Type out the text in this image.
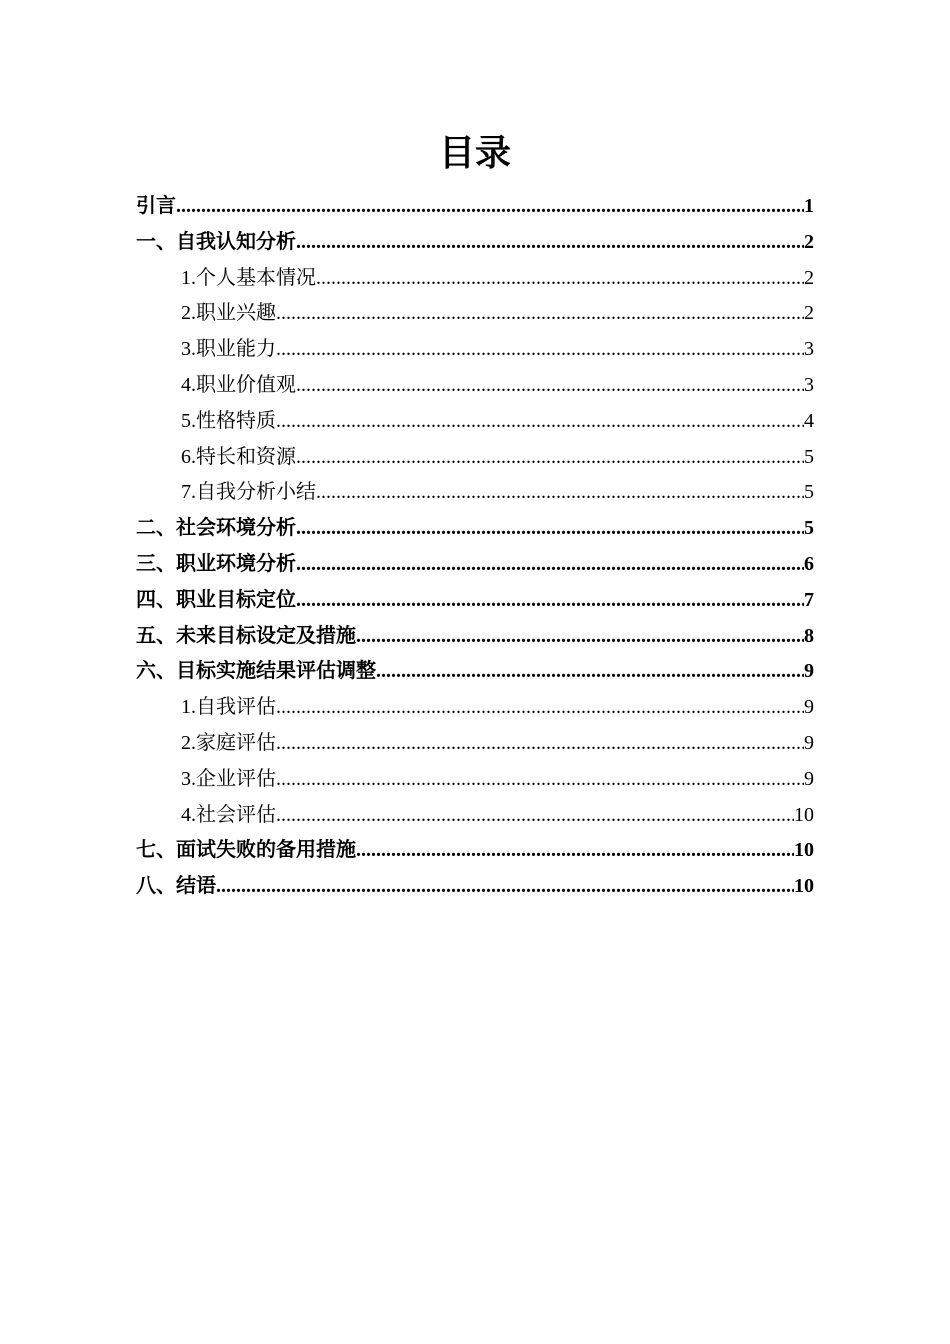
目录
引言 .....	1
一、自我认知分析 .....	2
1.个人基本情况 .....	2
2.职业兴趣 .....	2
3.职业能力 .....	3
4.职业价值观 .....	3
5.性格特质 .....	4
6.特长和资源 .....	5
7.自我分析小结 .....	5
二、社会环境分析 .....	5
三、职业环境分析 .....	6
四、职业目标定位 .....	7
五、未来目标设定及措施 .....	8
六、目标实施结果评估调整 .....	9
1.自我评估 .....	9
2.家庭评估 .....	9
3.企业评估 .....	9
4.社会评估 .....	10
七、面试失败的备用措施 .....	10
八、结语 .....	10
